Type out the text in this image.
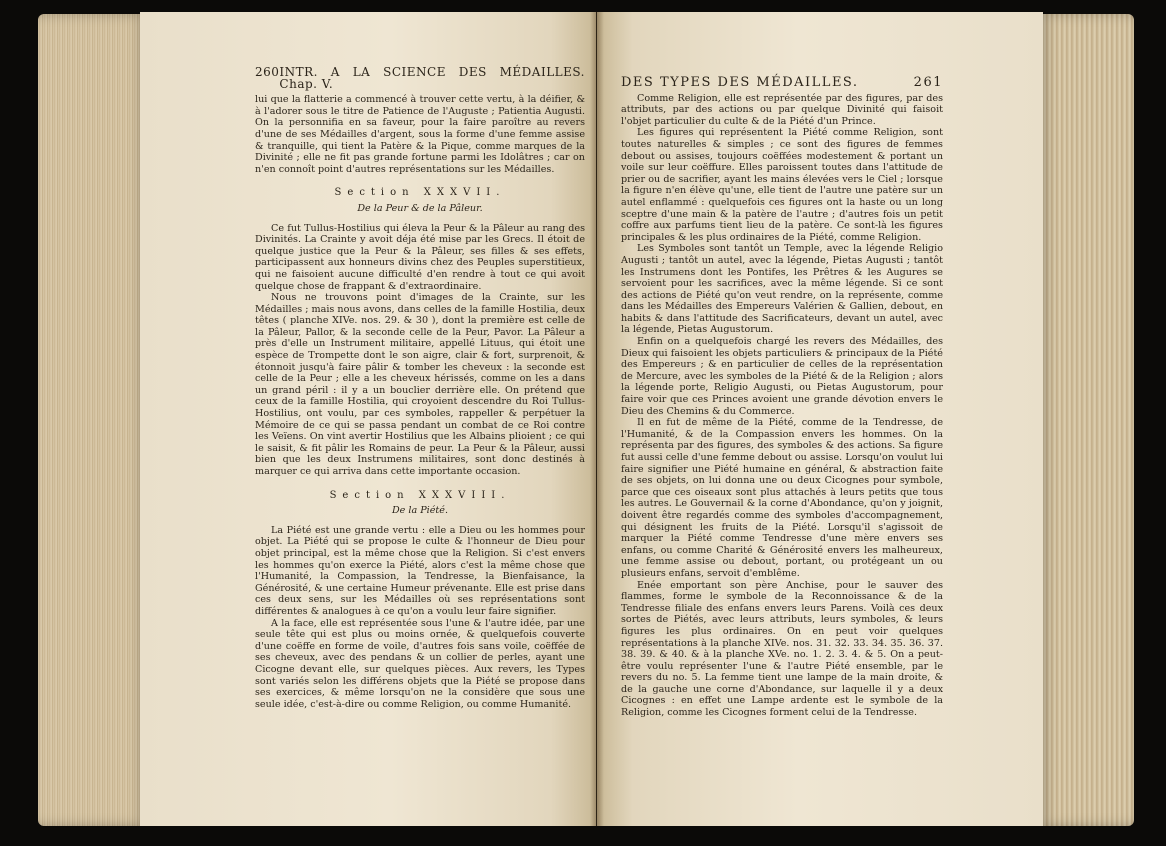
260 INTR. A LA SCIENCE DES MÉDAILLES. Chap. V.

lui que la flatterie a commencé à trouver cette vertu, à la déifier, & à l'adorer sous le titre de Patience de l'Auguste ; Patientia Augusti. On la personnifia en sa faveur, pour la faire paroître au revers d'une de ses Médailles d'argent, sous la forme d'une femme assise & tranquille, qui tient la Patère & la Pique, comme marques de la Divinité ; elle ne fit pas grande fortune parmi les Idolâtres ; car on n'en connoît point d'autres représentations sur les Médailles.

Section XXXVII.
De la Peur & de la Pâleur.

Ce fut Tullus-Hostilius qui éleva la Peur & la Pâleur au rang des Divinités. La Crainte y avoit déja été mise par les Grecs. Il étoit de quelque justice que la Peur & la Pâleur, ses filles & ses effets, participassent aux honneurs divins chez des Peuples superstitieux, qui ne faisoient aucune difficulté d'en rendre à tout ce qui avoit quelque chose de frappant & d'extraordinaire.

Nous ne trouvons point d'images de la Crainte, sur les Médailles ; mais nous avons, dans celles de la famille Hostilia, deux têtes ( planche XIVe. nos. 29. & 30 ), dont la première est celle de la Pâleur, Pallor, & la seconde celle de la Peur, Pavor. La Pâleur a près d'elle un Instrument militaire, appellé Lituus, qui étoit une espèce de Trompette dont le son aigre, clair & fort, surprenoit, & étonnoit jusqu'à faire pâlir & tomber les cheveux : la seconde est celle de la Peur ; elle a les cheveux hérissés, comme on les a dans un grand péril : il y a un bouclier derrière elle. On prétend que ceux de la famille Hostilia, qui croyoient descendre du Roi Tullus-Hostilius, ont voulu, par ces symboles, rappeller & perpétuer la Mémoire de ce qui se passa pendant un combat de ce Roi contre les Veïens. On vint avertir Hostilius que les Albains plioient ; ce qui le saisit, & fit pâlir les Romains de peur. La Peur & la Pâleur, aussi bien que les deux Instrumens militaires, sont donc destinés à marquer ce qui arriva dans cette importante occasion.

Section XXXVIII.
De la Piété.

La Piété est une grande vertu : elle a Dieu ou les hommes pour objet. La Piété qui se propose le culte & l'honneur de Dieu pour objet principal, est la même chose que la Religion. Si c'est envers les hommes qu'on exerce la Piété, alors c'est la même chose que l'Humanité, la Compassion, la Tendresse, la Bienfaisance, la Générosité, & une certaine Humeur prévenante. Elle est prise dans ces deux sens, sur les Médailles où ses représentations sont différentes & analogues à ce qu'on a voulu leur faire signifier.

A la face, elle est représentée sous l'une & l'autre idée, par une seule tête qui est plus ou moins ornée, & quelquefois couverte d'une coëffe en forme de voile, d'autres fois sans voile, coëffée de ses cheveux, avec des pendans & un collier de perles, ayant une Cicogne devant elle, sur quelques pièces. Aux revers, les Types sont variés selon les différens objets que la Piété se propose dans ses exercices, & même lorsqu'on ne la considère que sous une seule idée, c'est-à-dire ou comme Religion, ou comme Humanité.

DES TYPES DES MÉDAILLES.	261

Comme Religion, elle est représentée par des figures, par des attributs, par des actions ou par quelque Divinité qui faisoit l'objet particulier du culte & de la Piété d'un Prince.

Les figures qui représentent la Piété comme Religion, sont toutes naturelles & simples ; ce sont des figures de femmes debout ou assises, toujours coëffées modestement & portant un voile sur leur coëffure. Elles paroissent toutes dans l'attitude de prier ou de sacrifier, ayant les mains élevées vers le Ciel ; lorsque la figure n'en élève qu'une, elle tient de l'autre une patère sur un autel enflammé : quelquefois ces figures ont la haste ou un long sceptre d'une main & la patère de l'autre ; d'autres fois un petit coffre aux parfums tient lieu de la patère. Ce sont-là les figures principales & les plus ordinaires de la Piété, comme Religion.

Les Symboles sont tantôt un Temple, avec la légende Religio Augusti ; tantôt un autel, avec la légende, Pietas Augusti ; tantôt les Instrumens dont les Pontifes, les Prêtres & les Augures se servoient pour les sacrifices, avec la même légende. Si ce sont des actions de Piété qu'on veut rendre, on la représente, comme dans les Médailles des Empereurs Valérien & Gallien, debout, en habits & dans l'attitude des Sacrificateurs, devant un autel, avec la légende, Pietas Augustorum.

Enfin on a quelquefois chargé les revers des Médailles, des Dieux qui faisoient les objets particuliers & principaux de la Piété des Empereurs ; & en particulier de celles de la représentation de Mercure, avec les symboles de la Piété & de la Religion ; alors la légende porte, Religio Augusti, ou Pietas Augustorum, pour faire voir que ces Princes avoient une grande dévotion envers le Dieu des Chemins & du Commerce.

Il en fut de même de la Piété, comme de la Tendresse, de l'Humanité, & de la Compassion envers les hommes. On la représenta par des figures, des symboles & des actions. Sa figure fut aussi celle d'une femme debout ou assise. Lorsqu'on voulut lui faire signifier une Piété humaine en général, & abstraction faite de ses objets, on lui donna une ou deux Cicognes pour symbole, parce que ces oiseaux sont plus attachés à leurs petits que tous les autres. Le Gouvernail & la corne d'Abondance, qu'on y joignit, doivent être regardés comme des symboles d'accompagnement, qui désignent les fruits de la Piété. Lorsqu'il s'agissoit de marquer la Piété comme Tendresse d'une mère envers ses enfans, ou comme Charité & Générosité envers les malheureux, une femme assise ou debout, portant, ou protégeant un ou plusieurs enfans, servoit d'emblême.

Enée emportant son père Anchise, pour le sauver des flammes, forme le symbole de la Reconnoissance & de la Tendresse filiale des enfans envers leurs Parens. Voilà ces deux sortes de Piétés, avec leurs attributs, leurs symboles, & leurs figures les plus ordinaires. On en peut voir quelques représentations à la planche XIVe. nos. 31. 32. 33. 34. 35. 36. 37. 38. 39. & 40. & à la planche XVe. no. 1. 2. 3. 4. & 5. On a peut-être voulu représenter l'une & l'autre Piété ensemble, par le revers du no. 5. La femme tient une lampe de la main droite, & de la gauche une corne d'Abondance, sur laquelle il y a deux Cicognes : en effet une Lampe ardente est le symbole de la Religion, comme les Cicognes forment celui de la Tendresse.
